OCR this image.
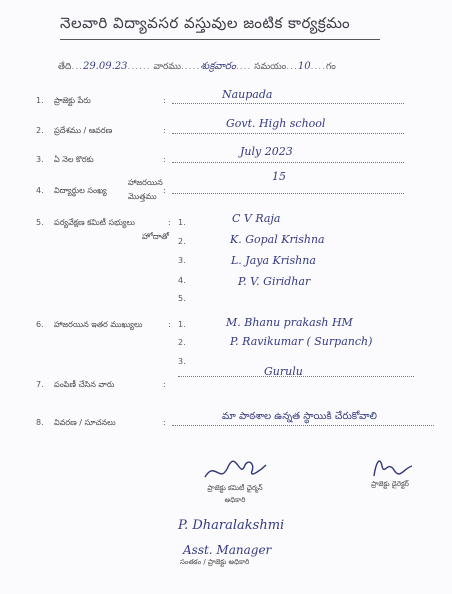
నెలవారి విద్యావసర వస్తువుల జంటిక కార్యక్రమం
తేది...29.09.23...... వారము.....శుక్రవారం.... సమయం...10....గం
1. ప్రాజెక్టు పేరు	:	Naupada
2. ప్రదేశము / ఆవరణ	:
Govt. High school
3. ఏ నెల కొరకు	:
July 2023
4. విద్యార్థుల సంఖ్య
హాజరయిన
మొత్తము
:
15
5. పర్యవేక్షణ కమిటీ సభ్యులు
హోదాతో
: 1.	C V Raja
2.	K. Gopal Krishna
3.	L. Jaya Krishna
4.	P. V. Giridhar
5.
6. హాజరయిన ఇతర ముఖ్యులు	: 1.	M. Bhanu prakash HM
2.	P. Ravikumar ( Surpanch)
3.
7. పంపిణీ చేసిన వారు	:
Gurulu
8. వివరణ / సూచనలు	:
మా పాఠశాల ఉన్నత స్థాయికి చేరుకోవాలి
ప్రాజెక్టు కమిటీ ఛైర్మన్
అధికారి
ప్రాజెక్టు డైరెక్టర్
P. Dharalakshmi
Asst. Manager
సంతకం / ప్రాజెక్టు అధికారి
